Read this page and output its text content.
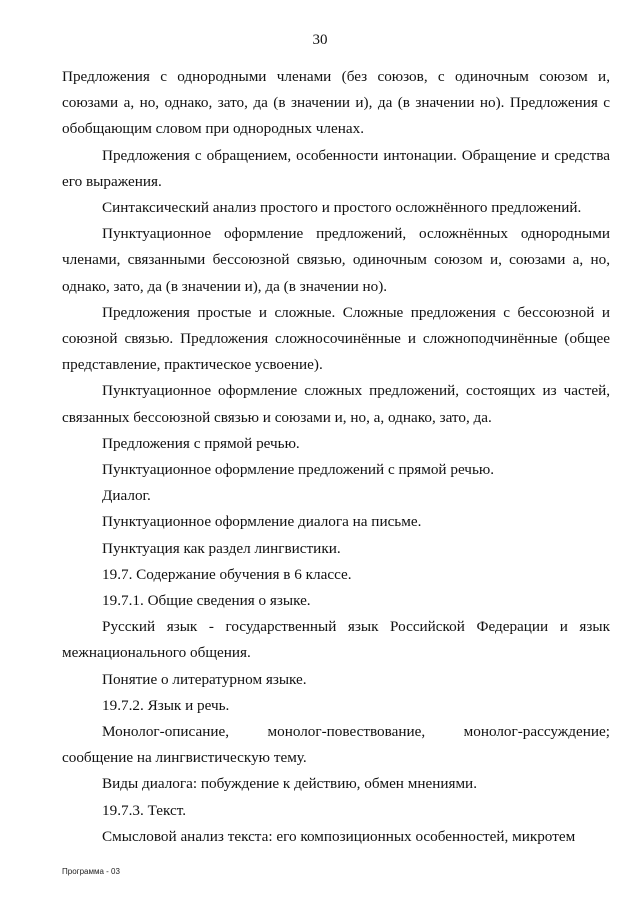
30

Предложения с однородными членами (без союзов, с одиночным союзом и, союзами а, но, однако, зато, да (в значении и), да (в значении но). Предложения с обобщающим словом при однородных членах.

Предложения с обращением, особенности интонации. Обращение и средства его выражения.

Синтаксический анализ простого и простого осложнённого предложений.

Пунктуационное оформление предложений, осложнённых однородными членами, связанными бессоюзной связью, одиночным союзом и, союзами а, но, однако, зато, да (в значении и), да (в значении но).

Предложения простые и сложные. Сложные предложения с бессоюзной и союзной связью. Предложения сложносочинённые и сложноподчинённые (общее представление, практическое усвоение).

Пунктуационное оформление сложных предложений, состоящих из частей, связанных бессоюзной связью и союзами и, но, а, однако, зато, да.

Предложения с прямой речью.

Пунктуационное оформление предложений с прямой речью.

Диалог.

Пунктуационное оформление диалога на письме.

Пунктуация как раздел лингвистики.

19.7. Содержание обучения в 6 классе.

19.7.1. Общие сведения о языке.

Русский язык - государственный язык Российской Федерации и язык межнационального общения.

Понятие о литературном языке.

19.7.2. Язык и речь.

Монолог-описание, монолог-повествование, монолог-рассуждение; сообщение на лингвистическую тему.

Виды диалога: побуждение к действию, обмен мнениями.

19.7.3. Текст.

Смысловой анализ текста: его композиционных особенностей, микротем

Программа - 03
